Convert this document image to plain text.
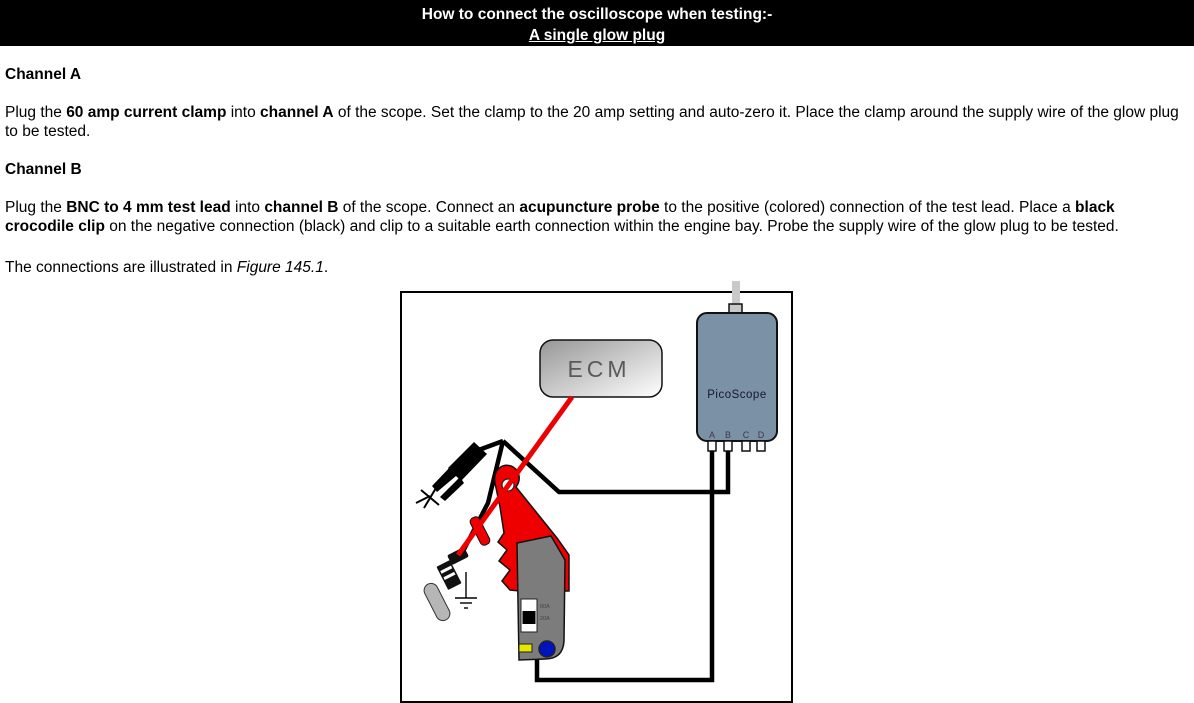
How to connect the oscilloscope when testing:-
A single glow plug
Channel A

Plug the 60 amp current clamp into channel A of the scope. Set the clamp to the 20 amp setting and auto-zero it. Place the clamp around the supply wire of the glow plug to be tested.

Channel B

Plug the BNC to 4 mm test lead into channel B of the scope. Connect an acupuncture probe to the positive (colored) connection of the test lead. Place a black crocodile clip on the negative connection (black) and clip to a suitable earth connection within the engine bay. Probe the supply wire of the glow plug to be tested.

The connections are illustrated in Figure 145.1.

ECM
PicoScope
A B C D
60A
20A
